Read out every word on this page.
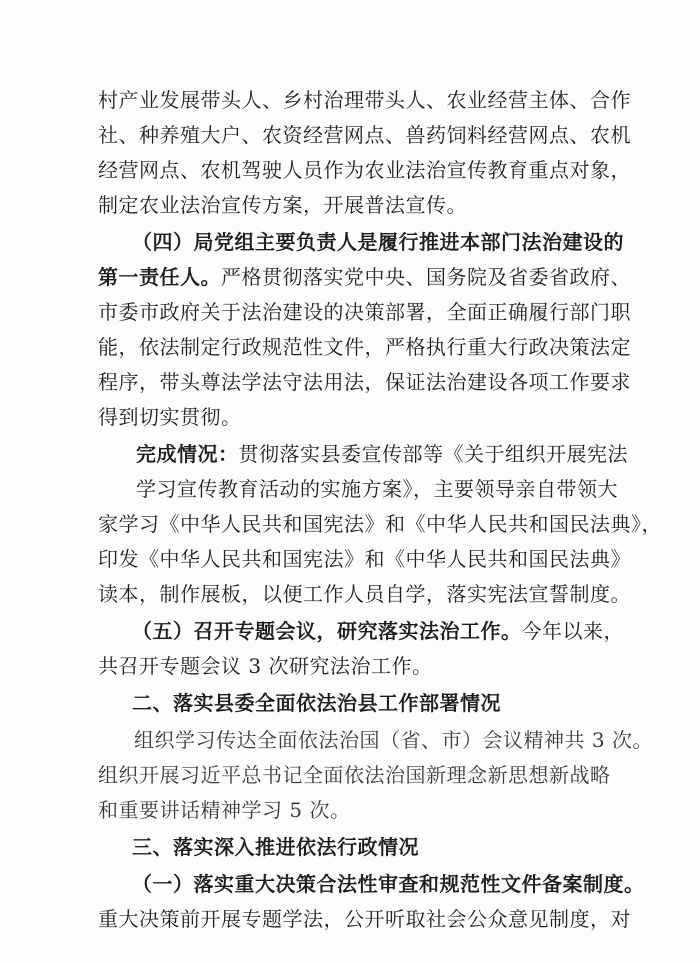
村产业发展带头人、乡村治理带头人、农业经营主体、合作
社、种养殖大户、农资经营网点、兽药饲料经营网点、农机
经营网点、农机驾驶人员作为农业法治宣传教育重点对象，
制定农业法治宣传方案，开展普法宣传。
（四）局党组主要负责人是履行推进本部门法治建设的
第一责任人。严格贯彻落实党中央、国务院及省委省政府、
市委市政府关于法治建设的决策部署，全面正确履行部门职
能，依法制定行政规范性文件，严格执行重大行政决策法定
程序，带头尊法学法守法用法，保证法治建设各项工作要求
得到切实贯彻。
完成情况：贯彻落实县委宣传部等《关于组织开展宪法
学习宣传教育活动的实施方案》，主要领导亲自带领大
家学习《中华人民共和国宪法》和《中华人民共和国民法典》，
印发《中华人民共和国宪法》和《中华人民共和国民法典》
读本，制作展板，以便工作人员自学，落实宪法宣誓制度。
（五）召开专题会议，研究落实法治工作。今年以来，
共召开专题会议 3 次研究法治工作。
二、落实县委全面依法治县工作部署情况
组织学习传达全面依法治国（省、市）会议精神共 3 次。
组织开展习近平总书记全面依法治国新理念新思想新战略
和重要讲话精神学习 5 次。
三、落实深入推进依法行政情况
（一）落实重大决策合法性审查和规范性文件备案制度。
重大决策前开展专题学法，公开听取社会公众意见制度，对
